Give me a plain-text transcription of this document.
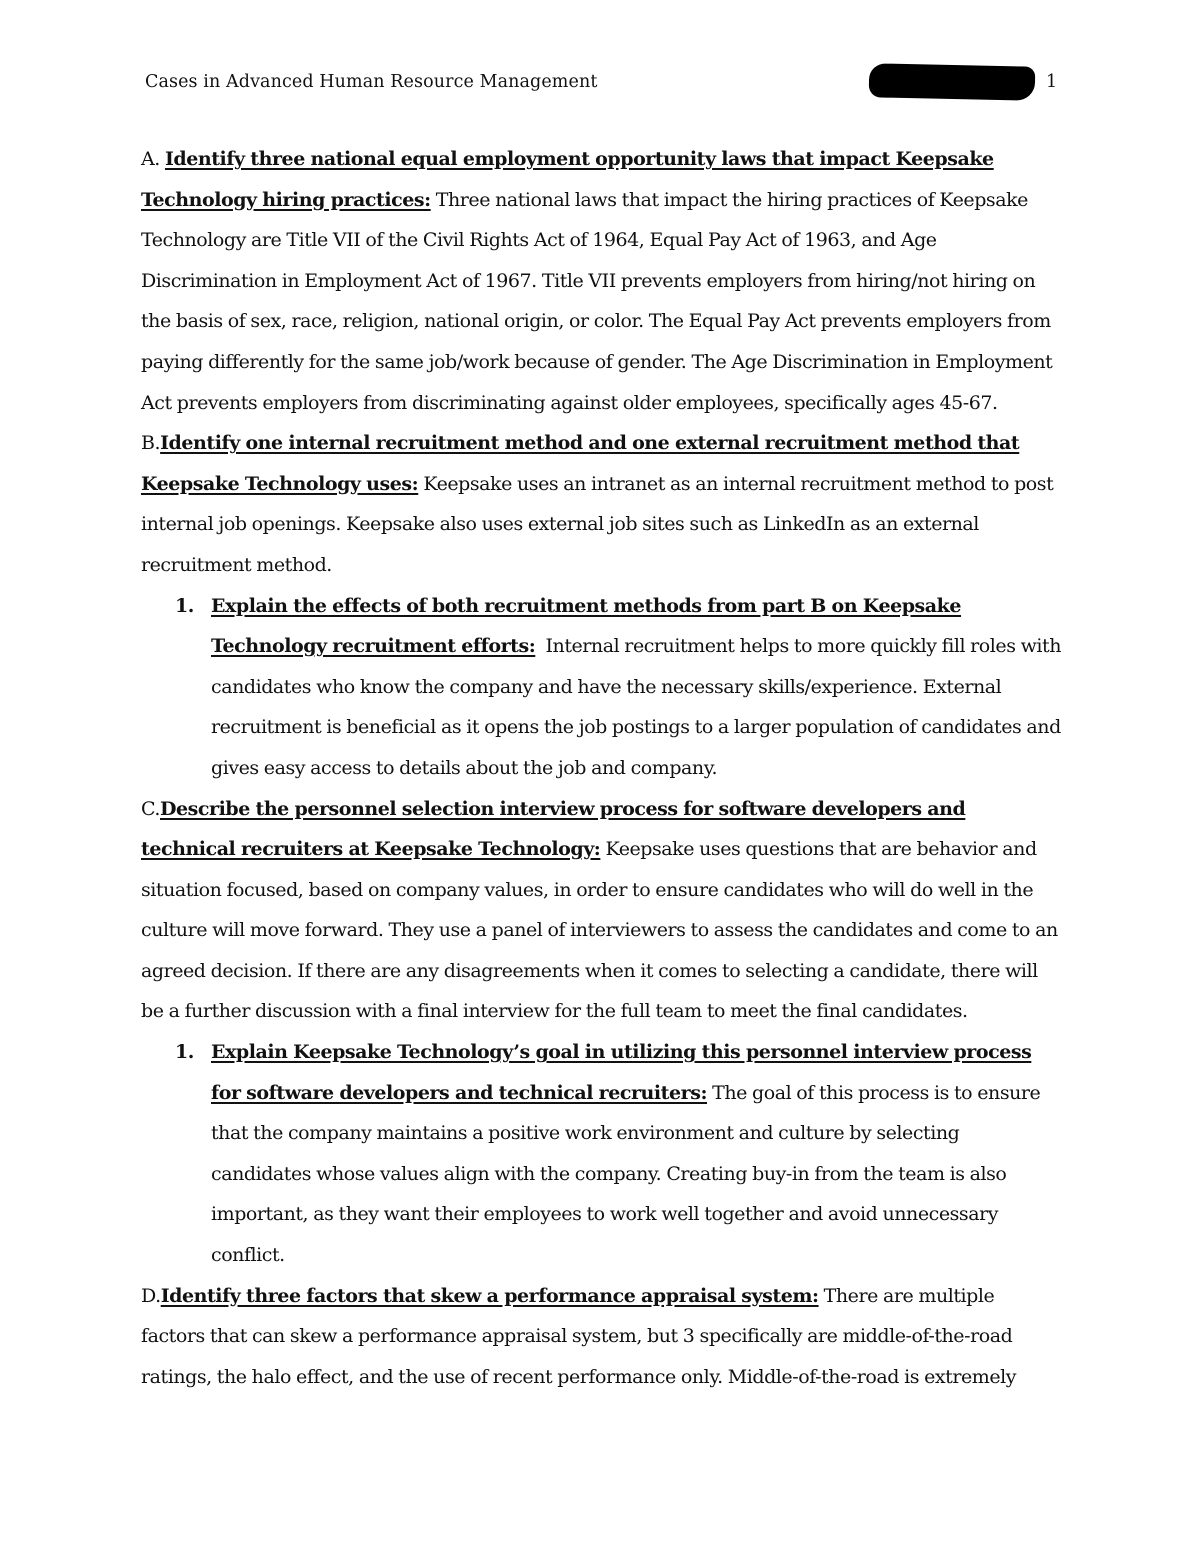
Cases in Advanced Human Resource Management	1

A. Identify three national equal employment opportunity laws that impact Keepsake Technology hiring practices: Three national laws that impact the hiring practices of Keepsake Technology are Title VII of the Civil Rights Act of 1964, Equal Pay Act of 1963, and Age Discrimination in Employment Act of 1967. Title VII prevents employers from hiring/not hiring on the basis of sex, race, religion, national origin, or color. The Equal Pay Act prevents employers from paying differently for the same job/work because of gender. The Age Discrimination in Employment Act prevents employers from discriminating against older employees, specifically ages 45-67.

B.Identify one internal recruitment method and one external recruitment method that Keepsake Technology uses: Keepsake uses an intranet as an internal recruitment method to post internal job openings. Keepsake also uses external job sites such as LinkedIn as an external recruitment method.

1. Explain the effects of both recruitment methods from part B on Keepsake Technology recruitment efforts:  Internal recruitment helps to more quickly fill roles with candidates who know the company and have the necessary skills/experience. External recruitment is beneficial as it opens the job postings to a larger population of candidates and gives easy access to details about the job and company.

C.Describe the personnel selection interview process for software developers and technical recruiters at Keepsake Technology: Keepsake uses questions that are behavior and situation focused, based on company values, in order to ensure candidates who will do well in the culture will move forward. They use a panel of interviewers to assess the candidates and come to an agreed decision. If there are any disagreements when it comes to selecting a candidate, there will be a further discussion with a final interview for the full team to meet the final candidates.

1. Explain Keepsake Technology’s goal in utilizing this personnel interview process for software developers and technical recruiters: The goal of this process is to ensure that the company maintains a positive work environment and culture by selecting candidates whose values align with the company. Creating buy-in from the team is also important, as they want their employees to work well together and avoid unnecessary conflict.

D.Identify three factors that skew a performance appraisal system: There are multiple factors that can skew a performance appraisal system, but 3 specifically are middle-of-the-road ratings, the halo effect, and the use of recent performance only. Middle-of-the-road is extremely
